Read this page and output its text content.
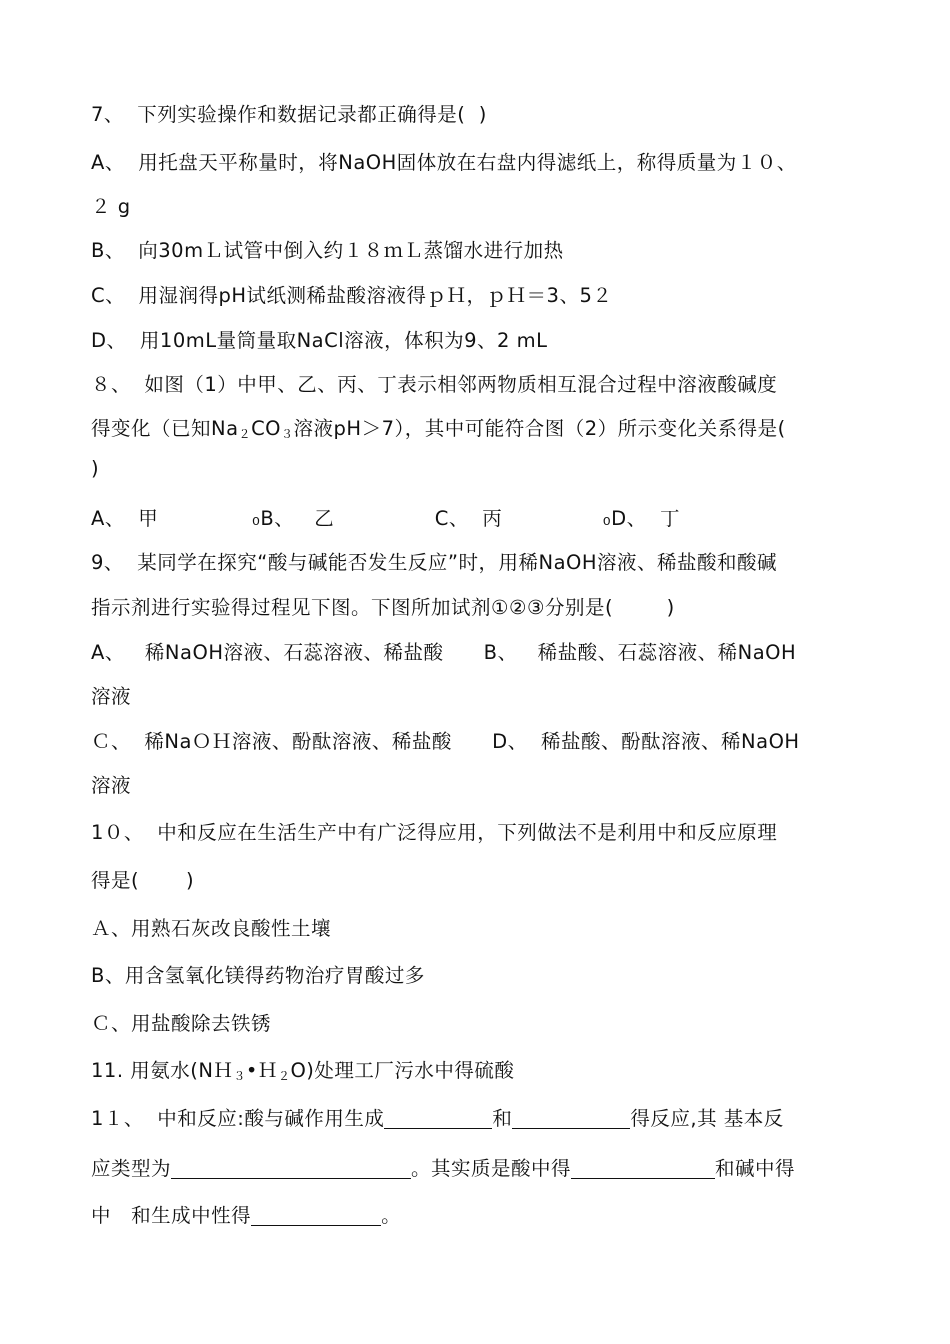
7、  下列实验操作和数据记录都正确得是(  )
A、  用托盘天平称量时，将NaOH固体放在右盘内得滤纸上，称得质量为１０、
２ g
B、  向30mＬ试管中倒入约１８ｍＬ蒸馏水进行加热
C、  用湿润得pH试纸测稀盐酸溶液得ｐＨ，ｐＨ＝3、5２
D、  用10mL量筒量取NaCl溶液，体积为9、2 mL
８、  如图（1）中甲、乙、丙、丁表示相邻两物质相互混合过程中溶液酸碱度
得变化（已知$Na_2CO_3$溶液pH＞7），其中可能符合图（2）所示变化关系得是(
)
A、  甲              ₀B、   乙               C、  丙               ₀D、  丁
9、  某同学在探究“酸与碱能否发生反应”时，用稀NaOH溶液、稀盐酸和酸碱
指示剂进行实验得过程见下图。下图所加试剂①②③分别是(        )
A、   稀NaOH溶液、石蕊溶液、稀盐酸      B、   稀盐酸、石蕊溶液、稀NaOH
溶液
Ｃ、  稀NaＯＨ溶液、酚酞溶液、稀盐酸      D、  稀盐酸、酚酞溶液、稀NaOH
溶液
1０、  中和反应在生活生产中有广泛得应用，下列做法不是利用中和反应原理
得是(       )
Ａ、用熟石灰改良酸性土壤
B、用含氢氧化镁得药物治疗胃酸过多
Ｃ、用盐酸除去铁锈
11. 用氨水(NＨ$_3$•Ｈ$_2$O)处理工厂污水中得硫酸
1１、  中和反应:酸与碱作用生成	和	得反应,其 基本反
应类型为	。其实质是酸中得	和碱中得
中   和生成中性得	。
